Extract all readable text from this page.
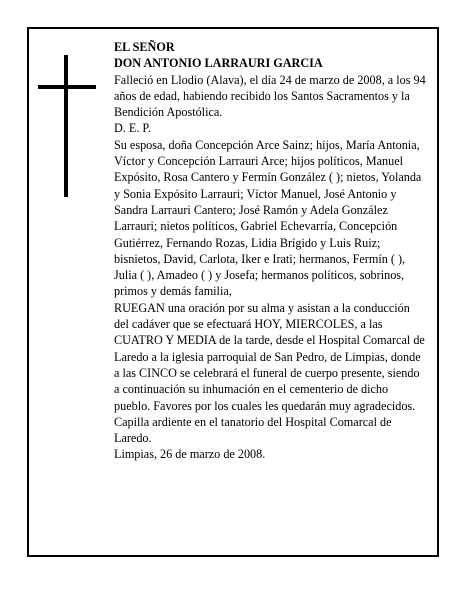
EL SEÑOR

DON ANTONIO LARRAURI GARCIA

Falleció en Llodio (Alava), el día 24 de marzo de 2008, a los 94 años de edad, habiendo recibido los Santos Sacramentos y la Bendición Apostólica.

D. E. P.

Su esposa, doña Concepción Arce Sainz; hijos, María Antonia, Víctor y Concepción Larrauri Arce; hijos políticos, Manuel Expósito, Rosa Cantero y Fermín González ( ); nietos, Yolanda y Sonia Expósito Larrauri; Víctor Manuel, José Antonio y Sandra Larrauri Cantero; José Ramón y Adela González Larrauri; nietos políticos, Gabriel Echevarría, Concepción Gutiérrez, Fernando Rozas, Lidia Brígido y Luis Ruiz; bisnietos, David, Carlota, Iker e Irati; hermanos, Fermín ( ), Julia ( ), Amadeo ( ) y Josefa; hermanos políticos, sobrinos, primos y demás familia,

RUEGAN una oración por su alma y asistan a la conducción del cadáver que se efectuará HOY, MIERCOLES, a las CUATRO Y MEDIA de la tarde, desde el Hospital Comarcal de Laredo a la iglesia parroquial de San Pedro, de Limpias, donde a las CINCO se celebrará el funeral de cuerpo presente, siendo a continuación su inhumación en el cementerio de dicho pueblo. Favores por los cuales les quedarán muy agradecidos. Capilla ardiente en el tanatorio del Hospital Comarcal de Laredo.

Limpias, 26 de marzo de 2008.
